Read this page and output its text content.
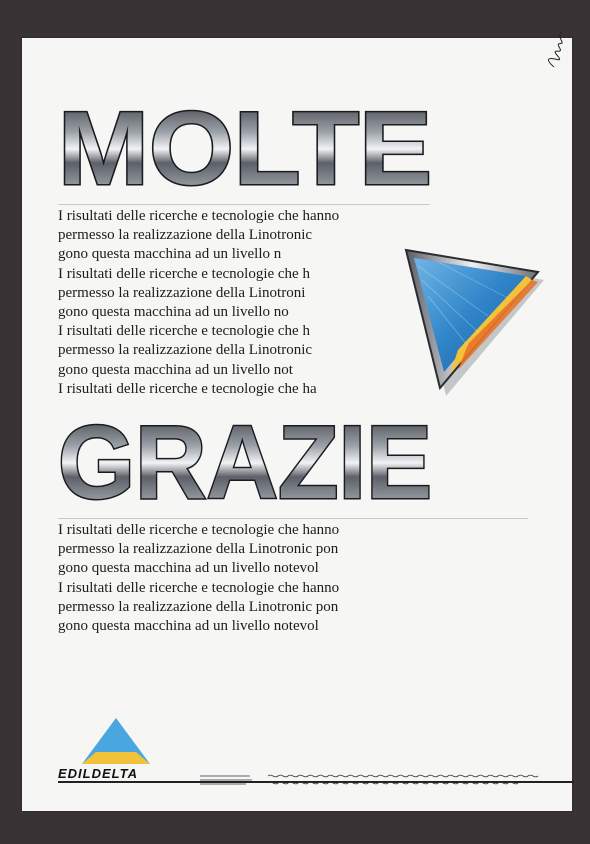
MOLTE
I risultati delle ricerche e tecnologie che hanno
permesso la realizzazione della Linotronic
gono questa macchina ad un livello n
I risultati delle ricerche e tecnologie che h
permesso la realizzazione della Linotroni
gono questa macchina ad un livello no
I risultati delle ricerche e tecnologie che h
permesso la realizzazione della Linotronic
gono questa macchina ad un livello not
I risultati delle ricerche e tecnologie che ha
GRAZIE
I risultati delle ricerche e tecnologie che hanno
permesso la realizzazione della Linotronic pon
gono questa macchina ad un livello notevol
I risultati delle ricerche e tecnologie che hanno
permesso la realizzazione della Linotronic pon
gono questa macchina ad un livello notevol
EDILDELTA
